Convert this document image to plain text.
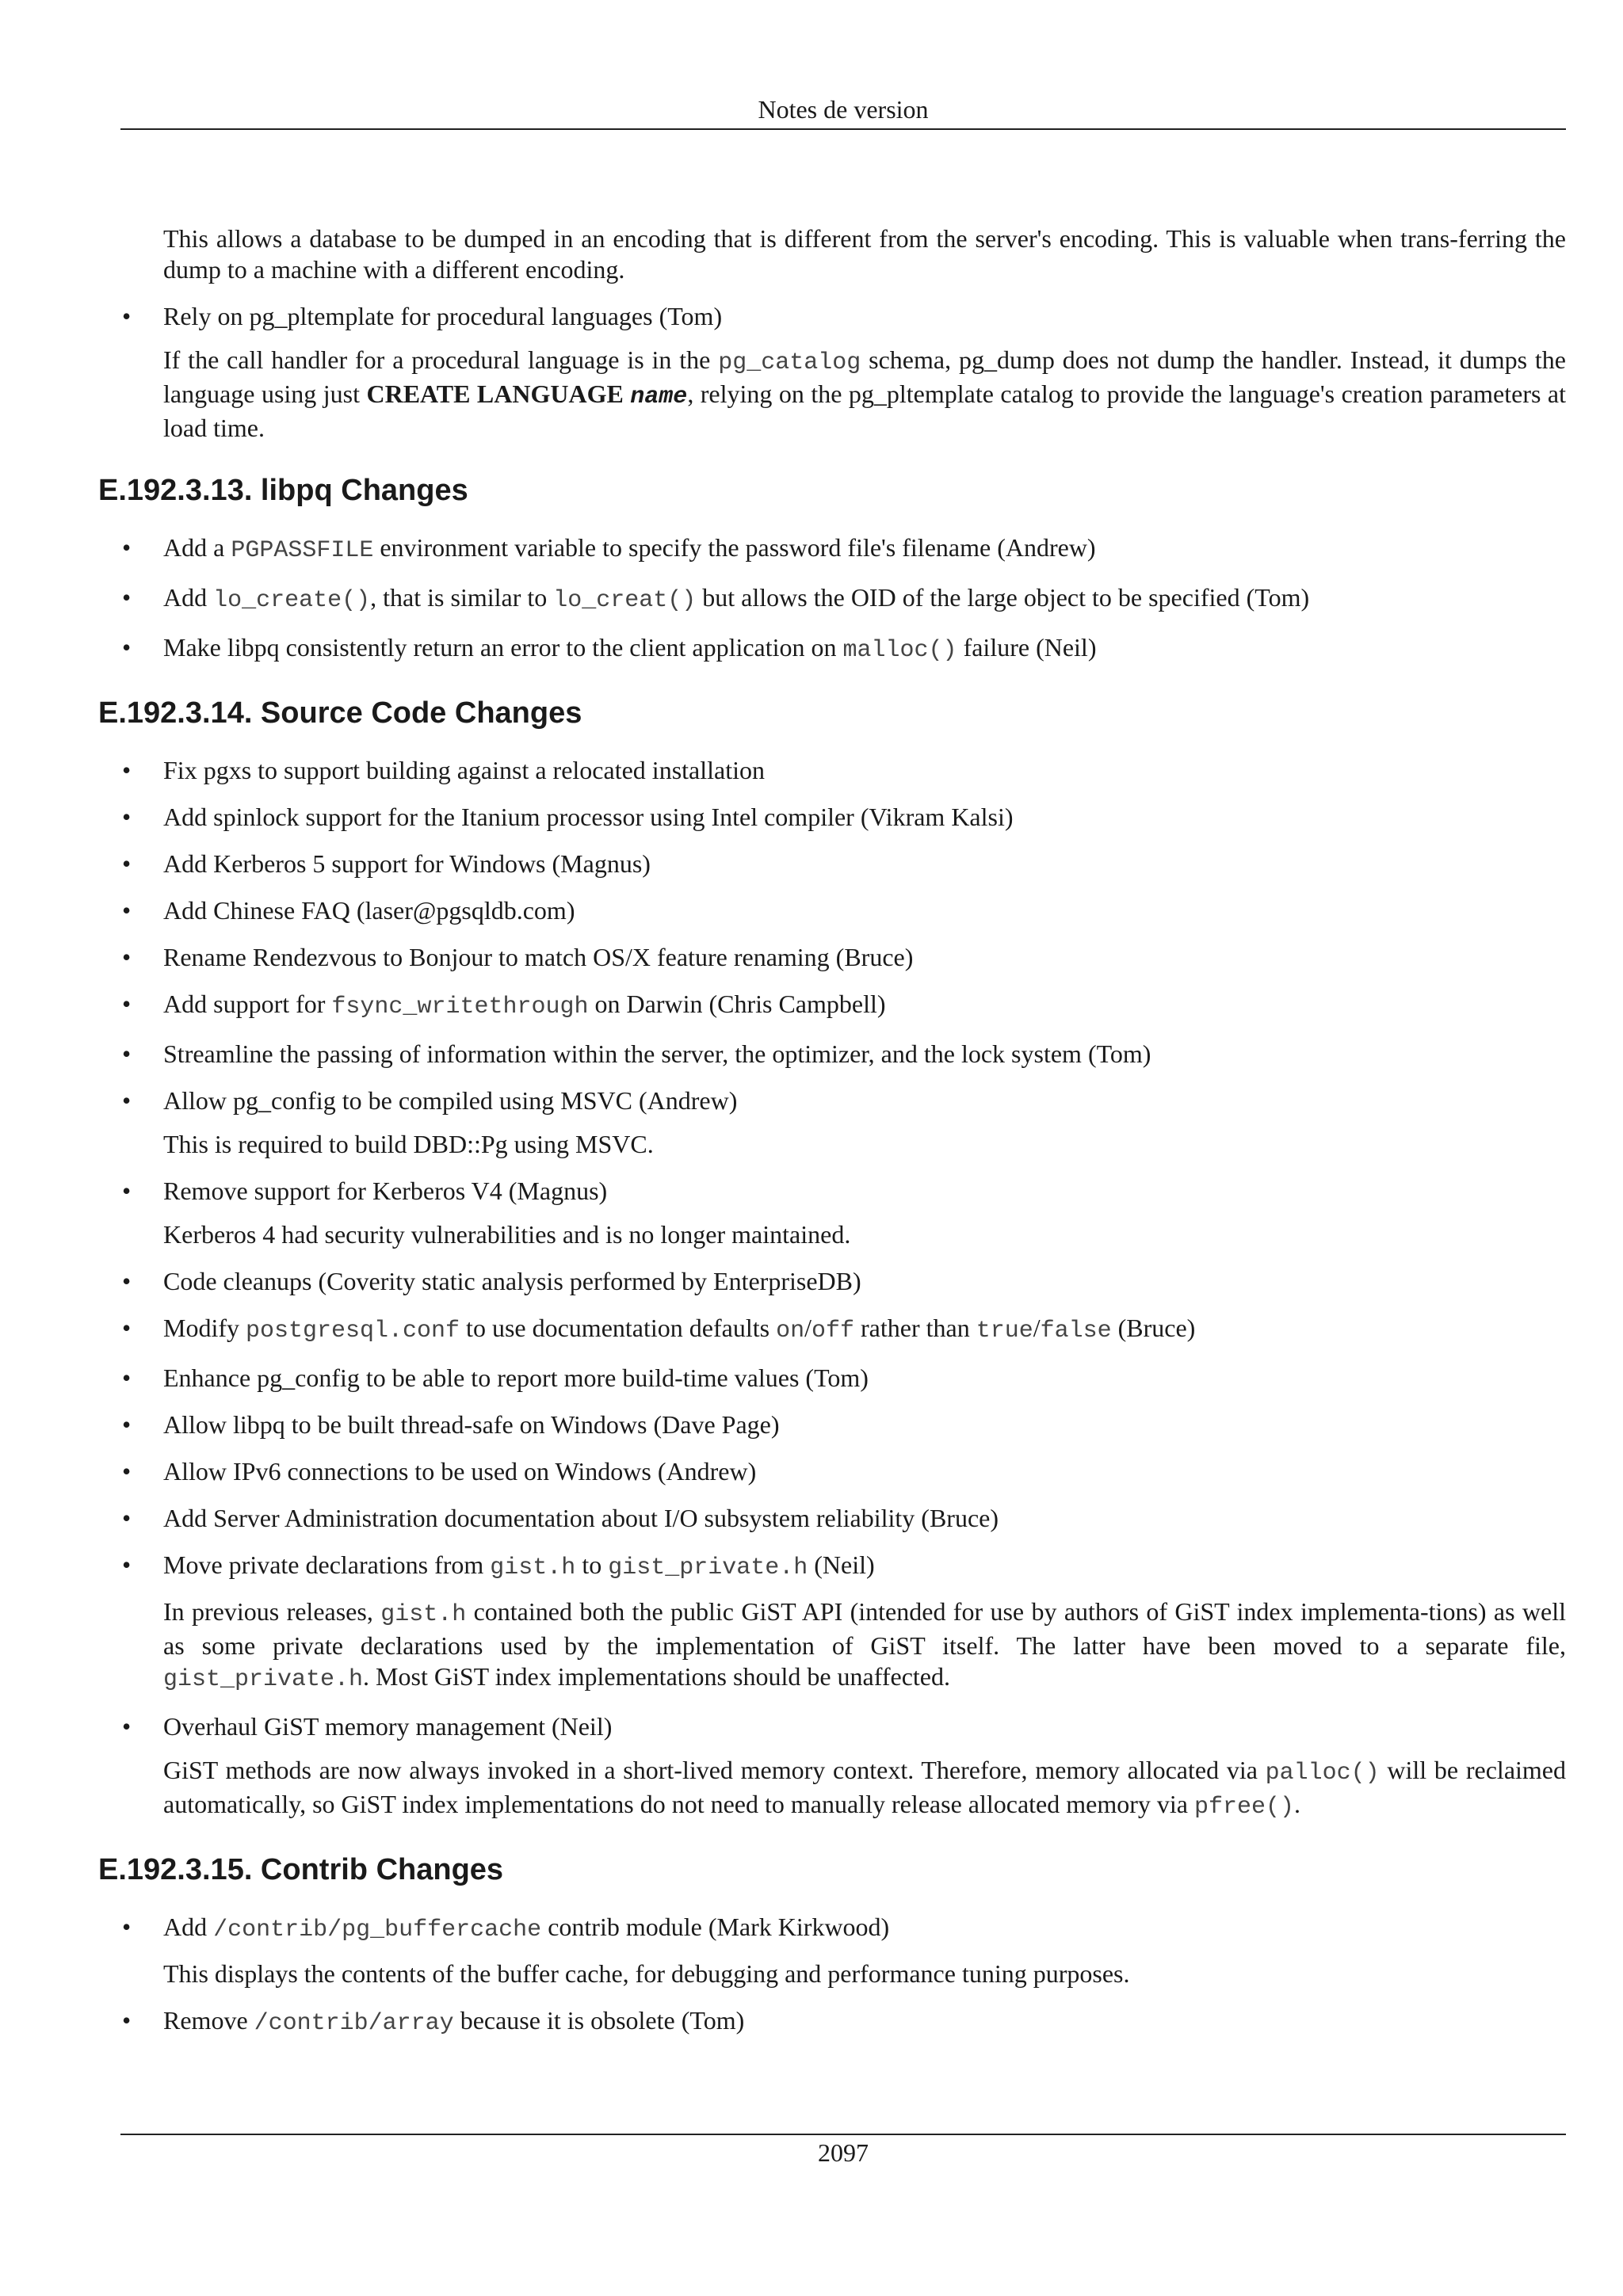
Notes de version

This allows a database to be dumped in an encoding that is different from the server's encoding. This is valuable when trans-ferring the dump to a machine with a different encoding.

• Rely on pg_pltemplate for procedural languages (Tom)

If the call handler for a procedural language is in the pg_catalog schema, pg_dump does not dump the handler. Instead, it dumps the language using just CREATE LANGUAGE name, relying on the pg_pltemplate catalog to provide the language's creation parameters at load time.

E.192.3.13. libpq Changes
• Add a PGPASSFILE environment variable to specify the password file's filename (Andrew)
• Add lo_create(), that is similar to lo_creat() but allows the OID of the large object to be specified (Tom)
• Make libpq consistently return an error to the client application on malloc() failure (Neil)
E.192.3.14. Source Code Changes
• Fix pgxs to support building against a relocated installation
• Add spinlock support for the Itanium processor using Intel compiler (Vikram Kalsi)
• Add Kerberos 5 support for Windows (Magnus)
• Add Chinese FAQ (laser@pgsqldb.com)
• Rename Rendezvous to Bonjour to match OS/X feature renaming (Bruce)
• Add support for fsync_writethrough on Darwin (Chris Campbell)
• Streamline the passing of information within the server, the optimizer, and the lock system (Tom)
• Allow pg_config to be compiled using MSVC (Andrew)

This is required to build DBD::Pg using MSVC.

• Remove support for Kerberos V4 (Magnus)

Kerberos 4 had security vulnerabilities and is no longer maintained.

• Code cleanups (Coverity static analysis performed by EnterpriseDB)
• Modify postgresql.conf to use documentation defaults on/off rather than true/false (Bruce)
• Enhance pg_config to be able to report more build-time values (Tom)
• Allow libpq to be built thread-safe on Windows (Dave Page)
• Allow IPv6 connections to be used on Windows (Andrew)
• Add Server Administration documentation about I/O subsystem reliability (Bruce)
• Move private declarations from gist.h to gist_private.h (Neil)

In previous releases, gist.h contained both the public GiST API (intended for use by authors of GiST index implementa-tions) as well as some private declarations used by the implementation of GiST itself. The latter have been moved to a separate file, gist_private.h. Most GiST index implementations should be unaffected.

• Overhaul GiST memory management (Neil)

GiST methods are now always invoked in a short-lived memory context. Therefore, memory allocated via palloc() will be reclaimed automatically, so GiST index implementations do not need to manually release allocated memory via pfree().

E.192.3.15. Contrib Changes
• Add /contrib/pg_buffercache contrib module (Mark Kirkwood)

This displays the contents of the buffer cache, for debugging and performance tuning purposes.

• Remove /contrib/array because it is obsolete (Tom)
2097
